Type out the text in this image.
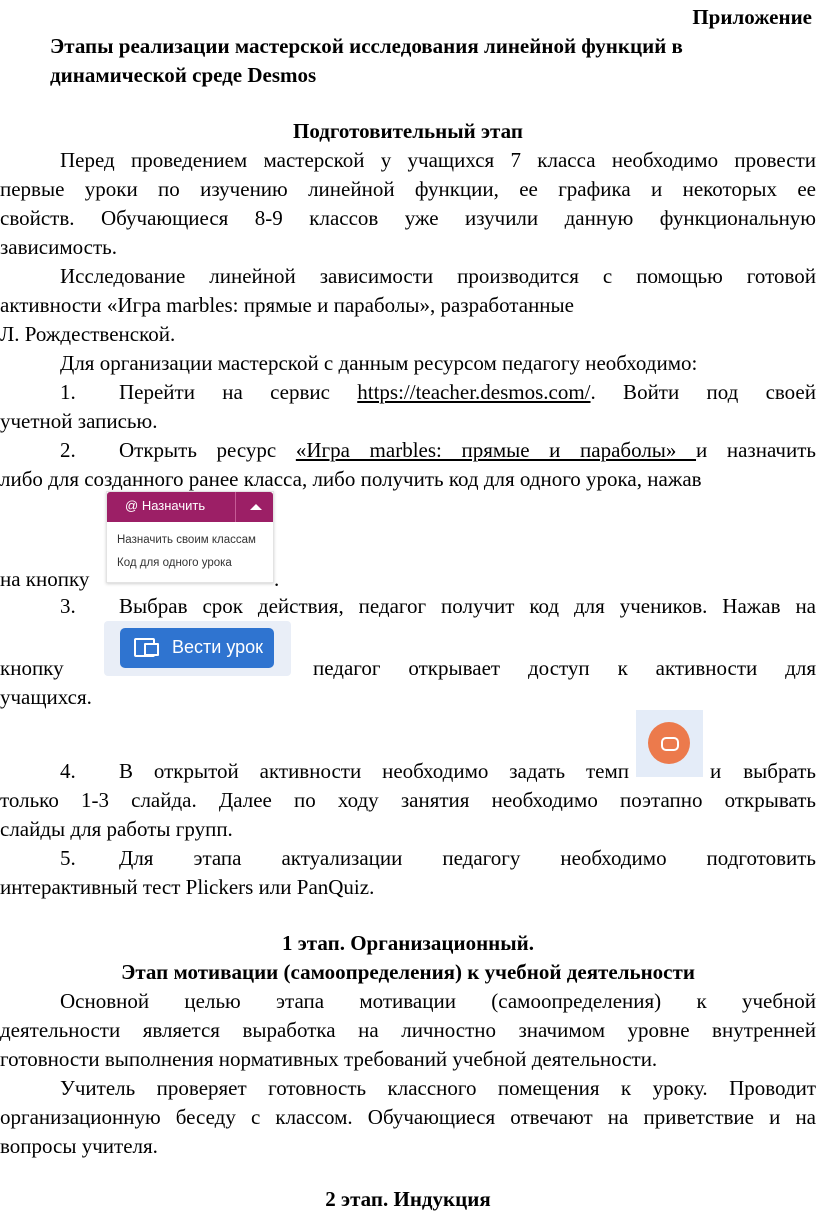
Приложение
Этапы реализации мастерской исследования линейной функций в
динамической среде Desmos
Подготовительный этап
Перед проведением мастерской у учащихся 7 класса необходимо провести
первые уроки по изучению линейной функции, ее графика и некоторых ее
свойств. Обучающиеся 8-9 классов уже изучили данную функциональную
зависимость.
Исследование линейной зависимости производится с помощью готовой
активности «Игра marbles: прямые и параболы», разработанные
Л. Рождественской.
Для организации мастерской с данным ресурсом педагогу необходимо:
1. Перейти на сервис https://teacher.desmos.com/. Войти под своей
учетной записью.
2. Открыть ресурс «Игра marbles: прямые и параболы» и назначить
либо для созданного ранее класса, либо получить код для одного урока, нажав
на кнопку	.
@ Назначить
Назначить своим классам
Код для одного урока
3. Выбрав срок действия, педагог получит код для учеников. Нажав на
кнопку	педагог открывает доступ к активности для
учащихся.
Вести урок
4. В открытой активности необходимо задать темп	и выбрать
только 1-3 слайда. Далее по ходу занятия необходимо поэтапно открывать
слайды для работы групп.
5. Для этапа актуализации педагогу необходимо подготовить
интерактивный тест Plickers или PanQuiz.
1 этап. Организационный.
Этап мотивации (самоопределения) к учебной деятельности
Основной целью этапа мотивации (самоопределения) к учебной
деятельности является выработка на личностно значимом уровне внутренней
готовности выполнения нормативных требований учебной деятельности.
Учитель проверяет готовность классного помещения к уроку. Проводит
организационную беседу с классом. Обучающиеся отвечают на приветствие и на
вопросы учителя.
2 этап. Индукция
